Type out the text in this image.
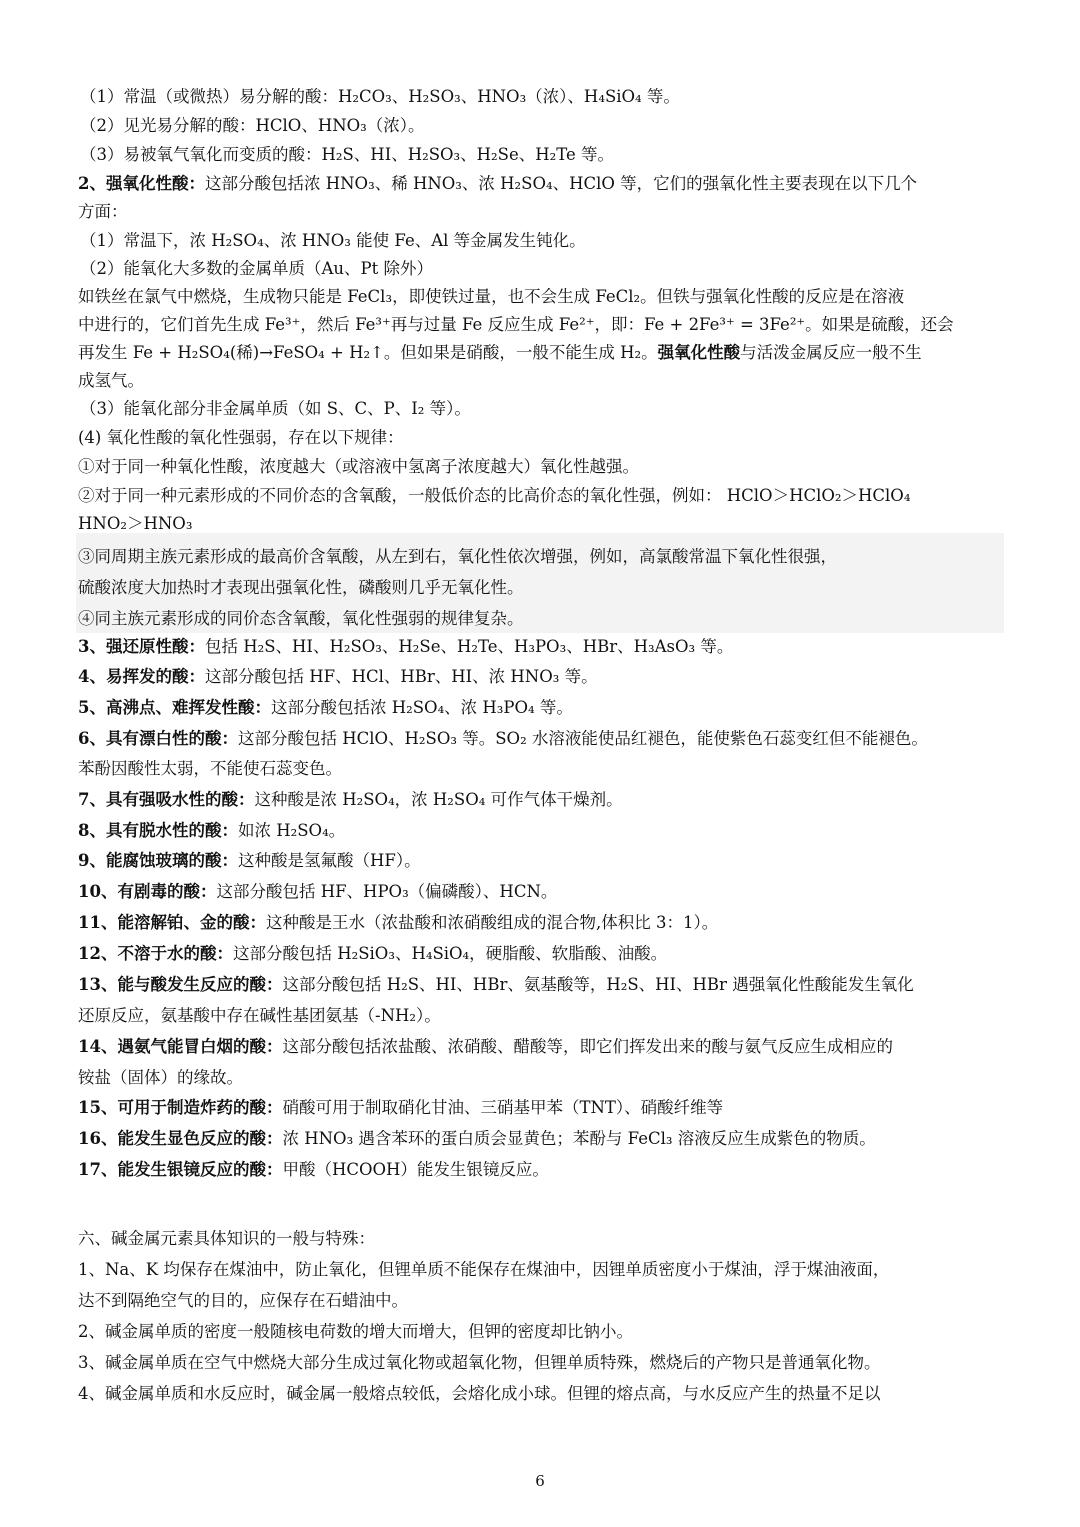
（1）常温（或微热）易分解的酸：H₂CO₃、H₂SO₃、HNO₃（浓）、H₄SiO₄ 等。
（2）见光易分解的酸：HClO、HNO₃（浓）。
（3）易被氧气氧化而变质的酸：H₂S、HI、H₂SO₃、H₂Se、H₂Te 等。
2、强氧化性酸：这部分酸包括浓 HNO₃、稀 HNO₃、浓 H₂SO₄、HClO 等，它们的强氧化性主要表现在以下几个
方面：
（1）常温下，浓 H₂SO₄、浓 HNO₃ 能使 Fe、Al 等金属发生钝化。
（2）能氧化大多数的金属单质（Au、Pt 除外）
如铁丝在氯气中燃烧，生成物只能是 FeCl₃，即使铁过量，也不会生成 FeCl₂。但铁与强氧化性酸的反应是在溶液
中进行的，它们首先生成 Fe³⁺，然后 Fe³⁺再与过量 Fe 反应生成 Fe²⁺，即：Fe + 2Fe³⁺ = 3Fe²⁺。如果是硫酸，还会
再发生 Fe + H₂SO₄(稀)→FeSO₄ + H₂↑。但如果是硝酸，一般不能生成 H₂。强氧化性酸与活泼金属反应一般不生
成氢气。
（3）能氧化部分非金属单质（如 S、C、P、I₂ 等）。
(4) 氧化性酸的氧化性强弱，存在以下规律：
①对于同一种氧化性酸，浓度越大（或溶液中氢离子浓度越大）氧化性越强。
②对于同一种元素形成的不同价态的含氧酸，一般低价态的比高价态的氧化性强，例如： HClO＞HClO₂＞HClO₄
HNO₂＞HNO₃
③同周期主族元素形成的最高价含氧酸，从左到右，氧化性依次增强，例如，高氯酸常温下氧化性很强，
硫酸浓度大加热时才表现出强氧化性，磷酸则几乎无氧化性。
④同主族元素形成的同价态含氧酸，氧化性强弱的规律复杂。
3、强还原性酸：包括 H₂S、HI、H₂SO₃、H₂Se、H₂Te、H₃PO₃、HBr、H₃AsO₃ 等。
4、易挥发的酸：这部分酸包括 HF、HCl、HBr、HI、浓 HNO₃ 等。
5、高沸点、难挥发性酸：这部分酸包括浓 H₂SO₄、浓 H₃PO₄ 等。
6、具有漂白性的酸：这部分酸包括 HClO、H₂SO₃ 等。SO₂ 水溶液能使品红褪色，能使紫色石蕊变红但不能褪色。
苯酚因酸性太弱，不能使石蕊变色。
7、具有强吸水性的酸：这种酸是浓 H₂SO₄，浓 H₂SO₄ 可作气体干燥剂。
8、具有脱水性的酸：如浓 H₂SO₄。
9、能腐蚀玻璃的酸：这种酸是氢氟酸（HF）。
10、有剧毒的酸：这部分酸包括 HF、HPO₃（偏磷酸）、HCN。
11、能溶解铂、金的酸：这种酸是王水（浓盐酸和浓硝酸组成的混合物,体积比 3：1）。
12、不溶于水的酸：这部分酸包括 H₂SiO₃、H₄SiO₄，硬脂酸、软脂酸、油酸。
13、能与酸发生反应的酸：这部分酸包括 H₂S、HI、HBr、氨基酸等，H₂S、HI、HBr 遇强氧化性酸能发生氧化
还原反应，氨基酸中存在碱性基团氨基（-NH₂）。
14、遇氨气能冒白烟的酸：这部分酸包括浓盐酸、浓硝酸、醋酸等，即它们挥发出来的酸与氨气反应生成相应的
铵盐（固体）的缘故。
15、可用于制造炸药的酸：硝酸可用于制取硝化甘油、三硝基甲苯（TNT）、硝酸纤维等
16、能发生显色反应的酸：浓 HNO₃ 遇含苯环的蛋白质会显黄色；苯酚与 FeCl₃ 溶液反应生成紫色的物质。
17、能发生银镜反应的酸：甲酸（HCOOH）能发生银镜反应。
六、碱金属元素具体知识的一般与特殊：
1、Na、K 均保存在煤油中，防止氧化，但锂单质不能保存在煤油中，因锂单质密度小于煤油，浮于煤油液面，
达不到隔绝空气的目的，应保存在石蜡油中。
2、碱金属单质的密度一般随核电荷数的增大而增大，但钾的密度却比钠小。
3、碱金属单质在空气中燃烧大部分生成过氧化物或超氧化物，但锂单质特殊，燃烧后的产物只是普通氧化物。
4、碱金属单质和水反应时，碱金属一般熔点较低，会熔化成小球。但锂的熔点高，与水反应产生的热量不足以
6
